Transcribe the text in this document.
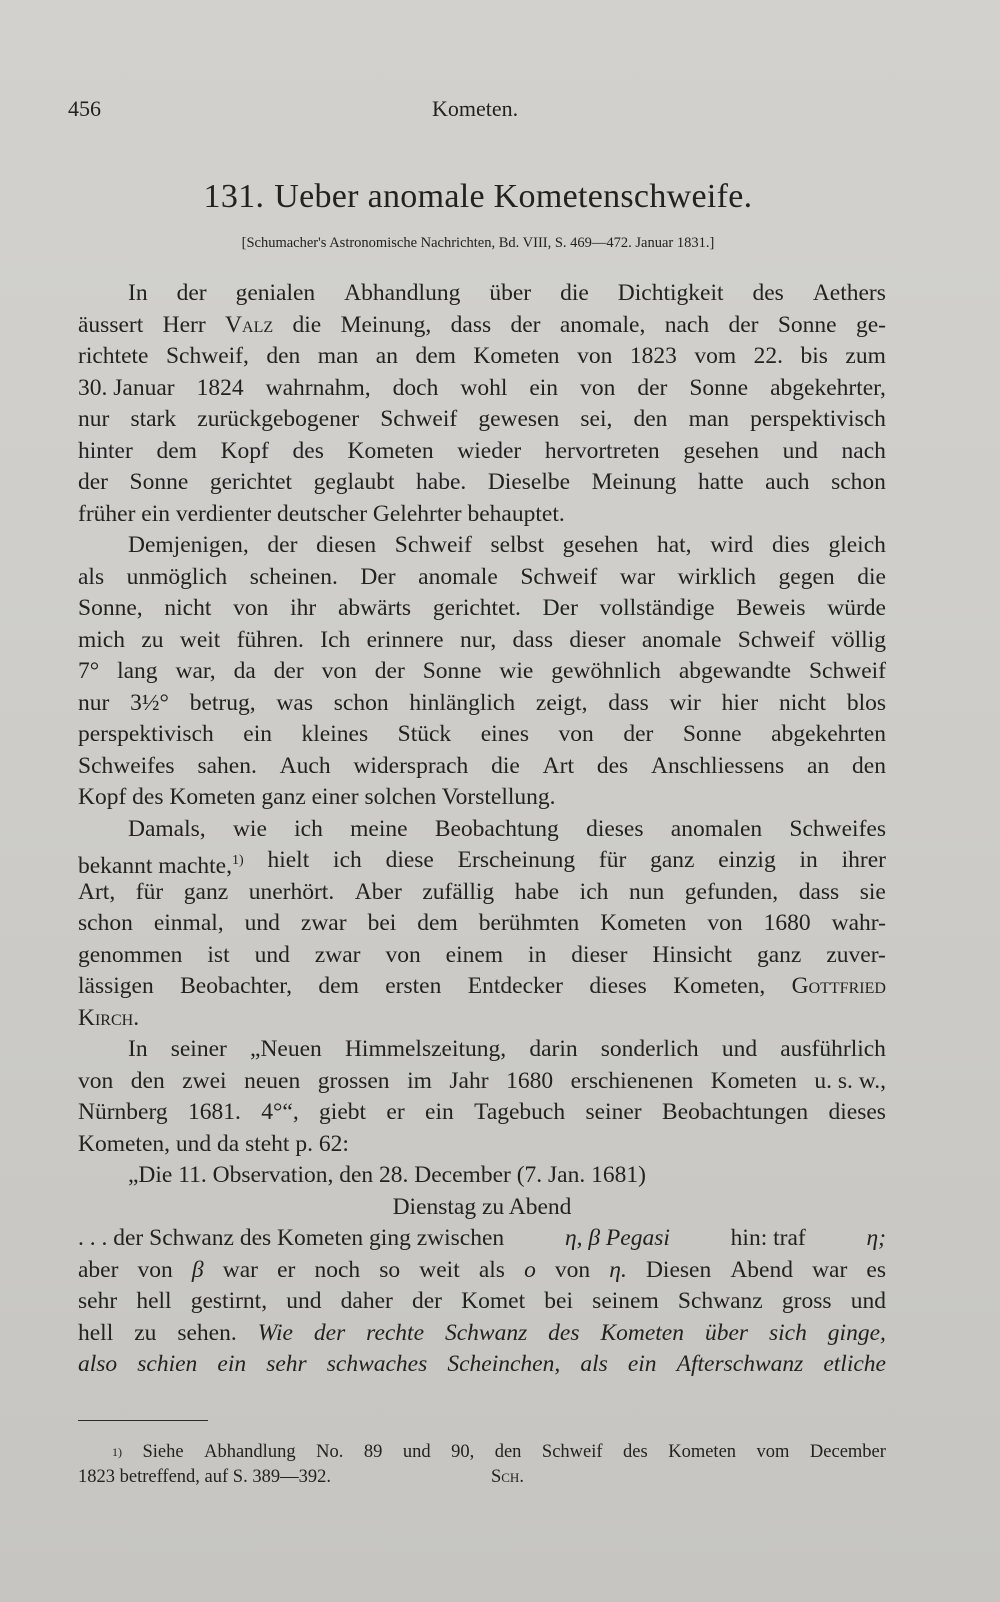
456	Kometen.
131. Ueber anomale Kometenschweife.
[Schumacher's Astronomische Nachrichten, Bd. VIII, S. 469—472. Januar 1831.]
In der genialen Abhandlung über die Dichtigkeit des Aethers
äussert Herr Valz die Meinung, dass der anomale, nach der Sonne ge-
richtete Schweif, den man an dem Kometen von 1823 vom 22. bis zum
30. Januar 1824 wahrnahm, doch wohl ein von der Sonne abgekehrter,
nur stark zurückgebogener Schweif gewesen sei, den man perspektivisch
hinter dem Kopf des Kometen wieder hervortreten gesehen und nach
der Sonne gerichtet geglaubt habe. Dieselbe Meinung hatte auch schon
früher ein verdienter deutscher Gelehrter behauptet.
Demjenigen, der diesen Schweif selbst gesehen hat, wird dies gleich
als unmöglich scheinen. Der anomale Schweif war wirklich gegen die
Sonne, nicht von ihr abwärts gerichtet. Der vollständige Beweis würde
mich zu weit führen. Ich erinnere nur, dass dieser anomale Schweif völlig
7° lang war, da der von der Sonne wie gewöhnlich abgewandte Schweif
nur 3½° betrug, was schon hinlänglich zeigt, dass wir hier nicht blos
perspektivisch ein kleines Stück eines von der Sonne abgekehrten
Schweifes sahen. Auch widersprach die Art des Anschliessens an den
Kopf des Kometen ganz einer solchen Vorstellung.
Damals, wie ich meine Beobachtung dieses anomalen Schweifes
bekannt machte,1) hielt ich diese Erscheinung für ganz einzig in ihrer
Art, für ganz unerhört. Aber zufällig habe ich nun gefunden, dass sie
schon einmal, und zwar bei dem berühmten Kometen von 1680 wahr-
genommen ist und zwar von einem in dieser Hinsicht ganz zuver-
lässigen Beobachter, dem ersten Entdecker dieses Kometen, Gottfried
Kirch.
In seiner „Neuen Himmelszeitung, darin sonderlich und ausführlich
von den zwei neuen grossen im Jahr 1680 erschienenen Kometen u. s. w.,
Nürnberg 1681. 4°“, giebt er ein Tagebuch seiner Beobachtungen dieses
Kometen, und da steht p. 62:
„Die 11. Observation, den 28. December (7. Jan. 1681)
Dienstag zu Abend
. . . der Schwanz des Kometen ging zwischen	η, β Pegasi	hin: traf	η;
aber von β war er noch so weit als o von η. Diesen Abend war es
sehr hell gestirnt, und daher der Komet bei seinem Schwanz gross und
hell zu sehen. Wie der rechte Schwanz des Kometen über sich ginge,
also schien ein sehr schwaches Scheinchen, als ein Afterschwanz etliche
1) Siehe Abhandlung No. 89 und 90, den Schweif des Kometen vom December
1823 betreffend, auf S. 389—392.	Sch.
